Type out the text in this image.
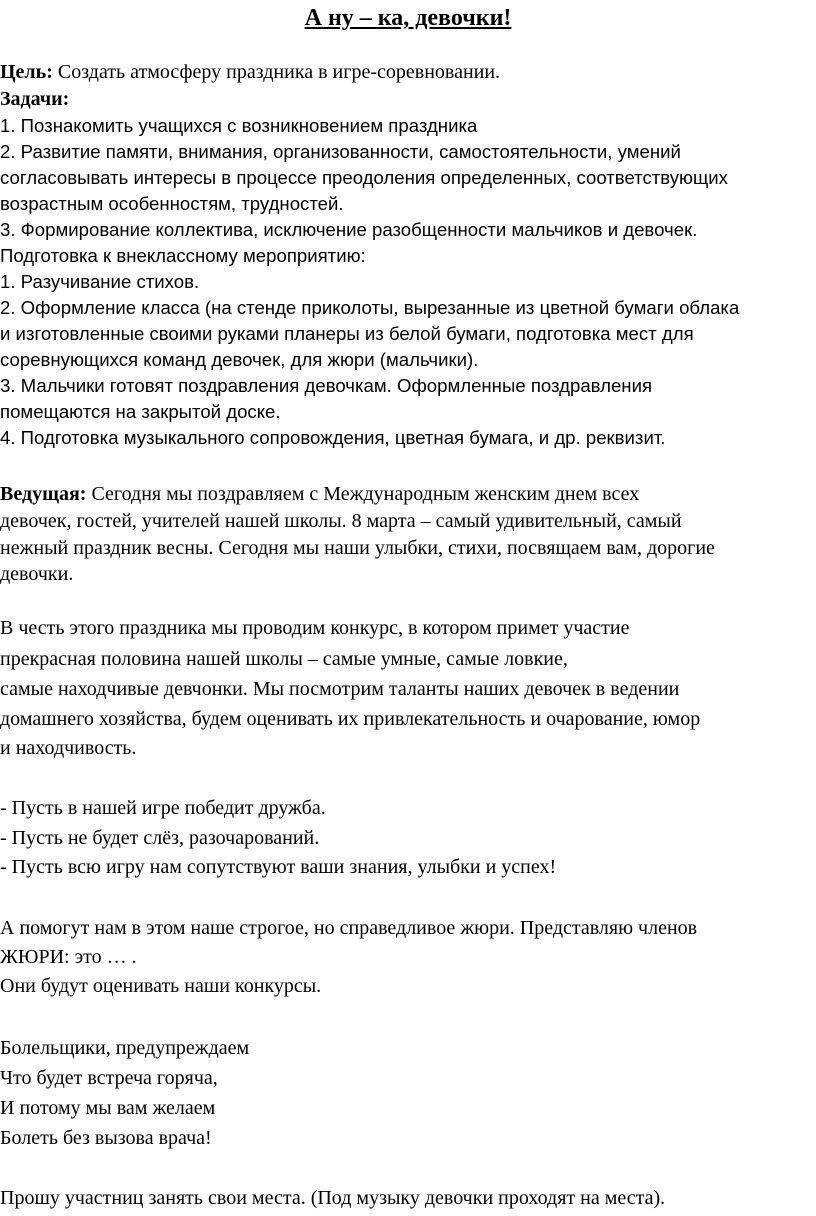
А ну – ка, девочки!
Цель: Создать атмосферу праздника в игре-соревновании.
Задачи:
1. Познакомить учащихся с возникновением праздника
2. Развитие памяти, внимания, организованности, самостоятельности, умений
согласовывать интересы в процессе преодоления определенных, соответствующих
возрастным особенностям, трудностей.
3. Формирование коллектива, исключение разобщенности мальчиков и девочек.
Подготовка к внеклассному мероприятию:
1. Разучивание стихов.
2. Оформление класса (на стенде приколоты, вырезанные из цветной бумаги облака
и изготовленные своими руками планеры из белой бумаги, подготовка мест для
соревнующихся команд девочек, для жюри (мальчики).
3. Мальчики готовят поздравления девочкам. Оформленные поздравления
помещаются на закрытой доске.
4. Подготовка музыкального сопровождения, цветная бумага, и др. реквизит.
Ведущая: Сегодня мы поздравляем с Международным женским днем всех
девочек, гостей, учителей нашей школы. 8 марта – самый удивительный, самый
нежный праздник весны. Сегодня мы наши улыбки, стихи, посвящаем вам, дорогие
девочки.
В честь этого праздника мы проводим конкурс, в котором примет участие
прекрасная половина нашей школы – самые умные, самые ловкие,
самые находчивые девчонки. Мы посмотрим таланты наших девочек в ведении
домашнего хозяйства, будем оценивать их привлекательность и очарование, юмор
и находчивость.
- Пусть в нашей игре победит дружба.
- Пусть не будет слёз, разочарований.
- Пусть всю игру нам сопутствуют ваши знания, улыбки и успех!
А помогут нам в этом наше строгое, но справедливое жюри. Представляю членов
ЖЮРИ: это … .
Они будут оценивать наши конкурсы.
Болельщики, предупреждаем
Что будет встреча горяча,
И потому мы вам желаем
Болеть без вызова врача!
Прошу участниц занять свои места. (Под музыку девочки проходят на места).
